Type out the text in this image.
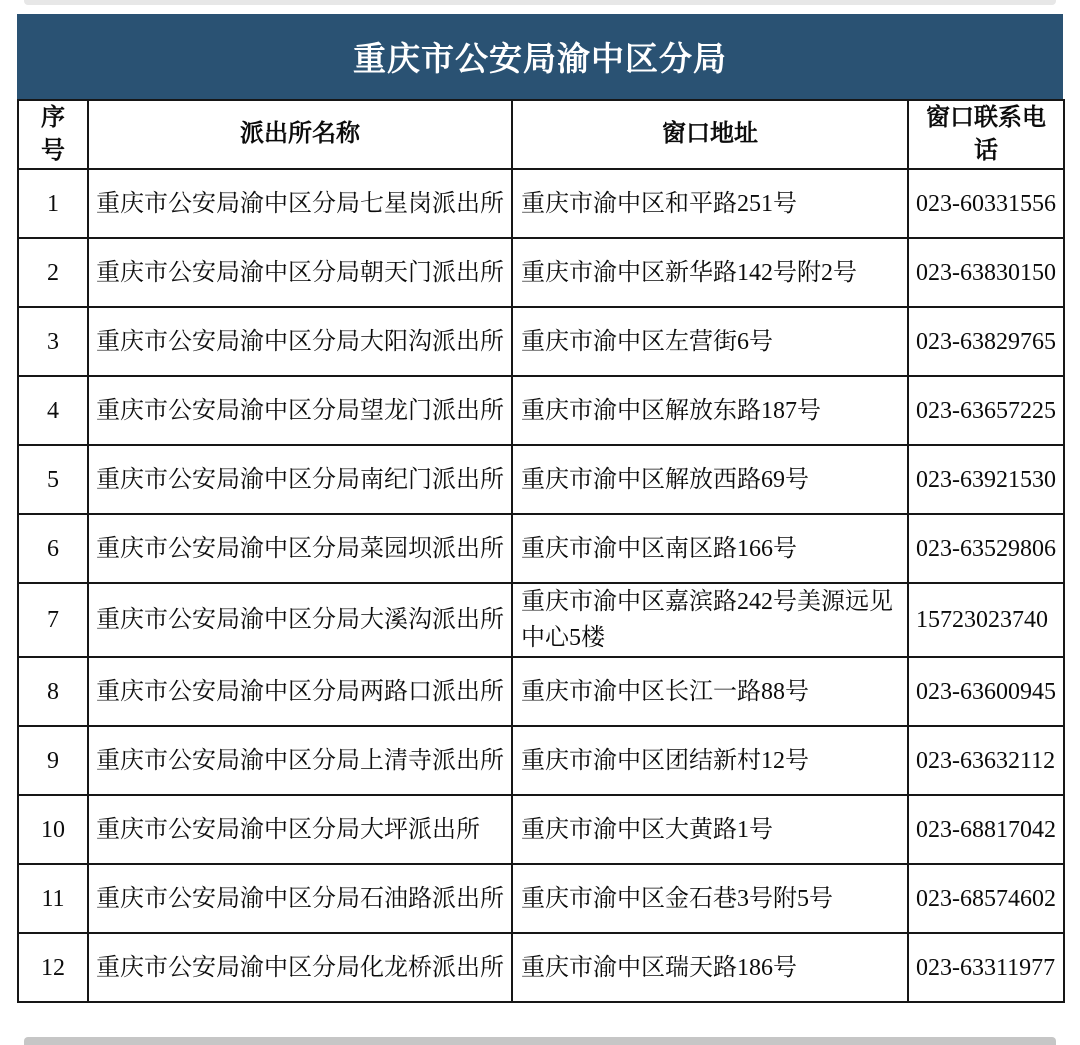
重庆市公安局渝中区分局
序号	派出所名称	窗口地址	窗口联系电话
1	重庆市公安局渝中区分局七星岗派出所	重庆市渝中区和平路251号	023-60331556
2	重庆市公安局渝中区分局朝天门派出所	重庆市渝中区新华路142号附2号	023-63830150
3	重庆市公安局渝中区分局大阳沟派出所	重庆市渝中区左营街6号	023-63829765
4	重庆市公安局渝中区分局望龙门派出所	重庆市渝中区解放东路187号	023-63657225
5	重庆市公安局渝中区分局南纪门派出所	重庆市渝中区解放西路69号	023-63921530
6	重庆市公安局渝中区分局菜园坝派出所	重庆市渝中区南区路166号	023-63529806
7	重庆市公安局渝中区分局大溪沟派出所	重庆市渝中区嘉滨路242号美源远见中心5楼	15723023740
8	重庆市公安局渝中区分局两路口派出所	重庆市渝中区长江一路88号	023-63600945
9	重庆市公安局渝中区分局上清寺派出所	重庆市渝中区团结新村12号	023-63632112
10	重庆市公安局渝中区分局大坪派出所	重庆市渝中区大黄路1号	023-68817042
11	重庆市公安局渝中区分局石油路派出所	重庆市渝中区金石巷3号附5号	023-68574602
12	重庆市公安局渝中区分局化龙桥派出所	重庆市渝中区瑞天路186号	023-63311977
